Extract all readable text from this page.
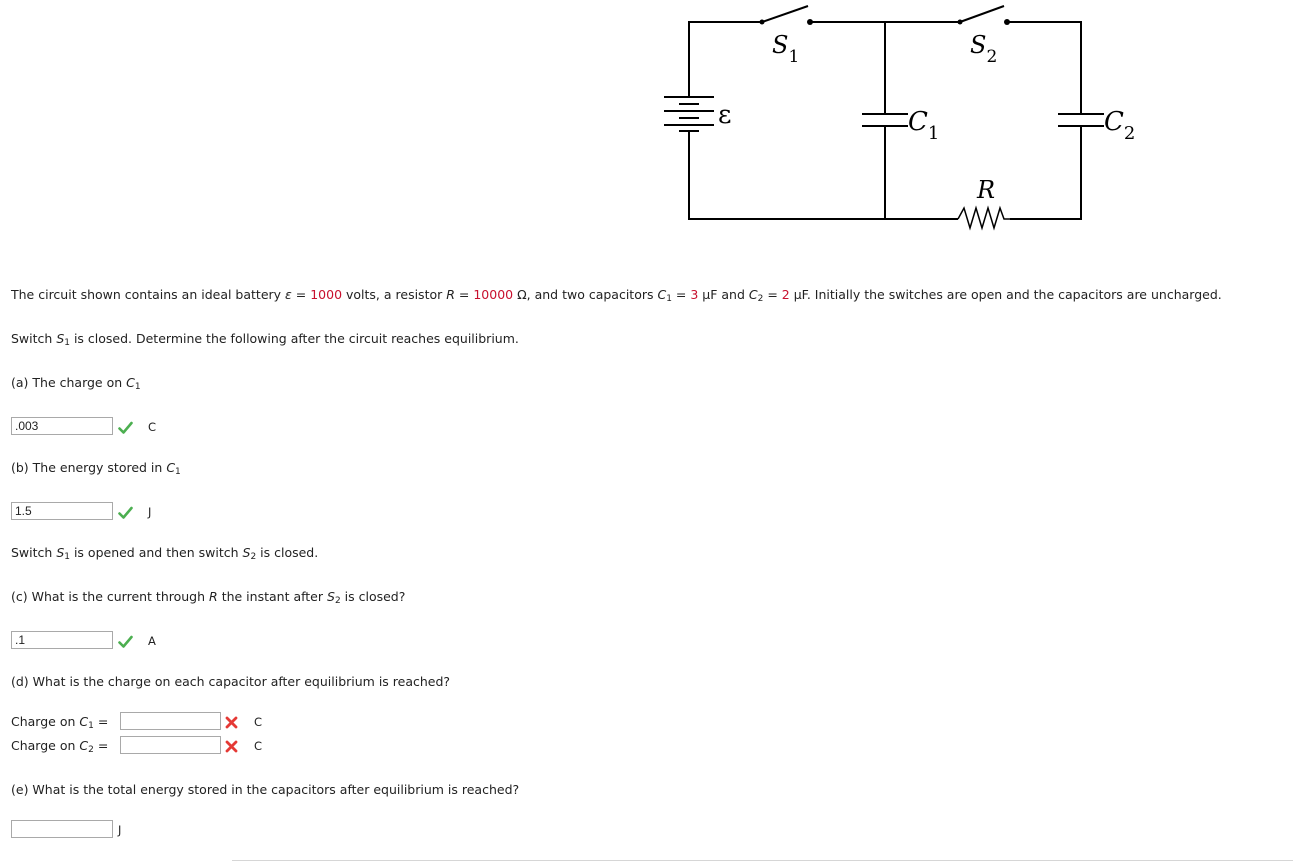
ε
$S_1$	$S_2$
$C_1$	$C_2$
R
The circuit shown contains an ideal battery ε = 1000 volts, a resistor R = 10000 Ω, and two capacitors $C_1 = 3$ μF and $C_2 = 2$ μF. Initially the switches are open and the capacitors are uncharged.
Switch $S_1$ is closed. Determine the following after the circuit reaches equilibrium.
(a) The charge on $C_1$
.003
C
(b) The energy stored in $C_1$
1.5
J
Switch $S_1$ is opened and then switch $S_2$ is closed.
(c) What is the current through R the instant after $S_2$ is closed?
.1
A
(d) What is the charge on each capacitor after equilibrium is reached?
Charge on $C_1$ =	C
Charge on $C_2$ =	C
(e) What is the total energy stored in the capacitors after equilibrium is reached?
J
